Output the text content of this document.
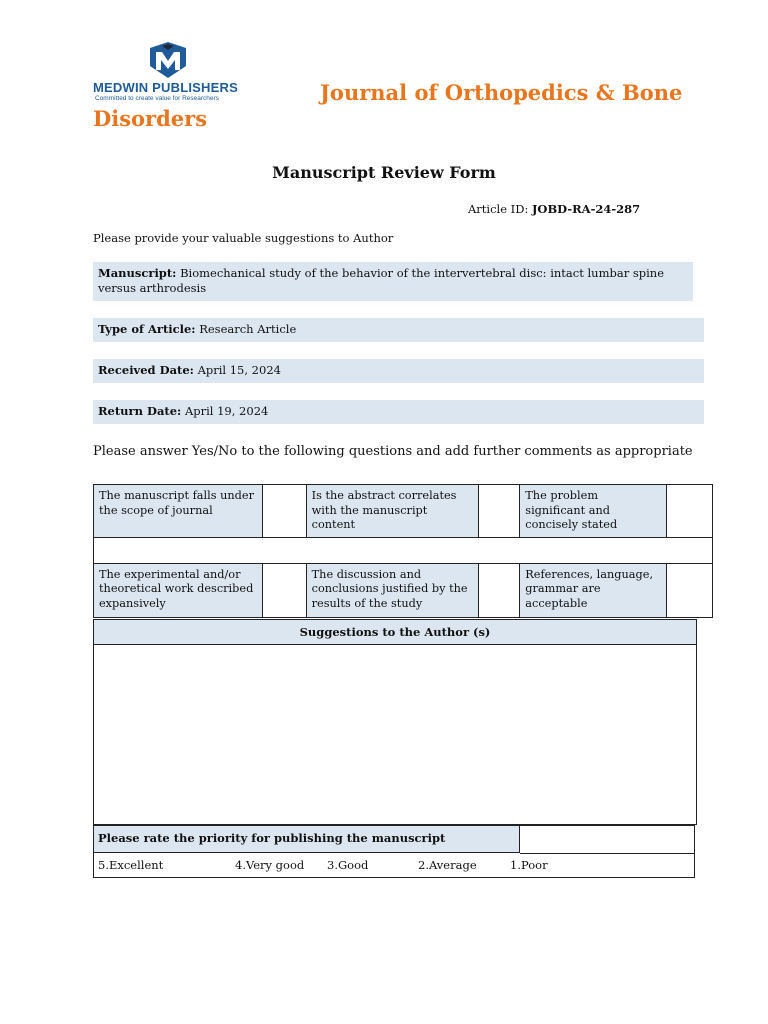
MEDWIN PUBLISHERS
Committed to create value for Researchers	Journal of Orthopedics & Bone
Disorders
Manuscript Review Form
Article ID: JOBD-RA-24-287
Please provide your valuable suggestions to Author
Manuscript: Biomechanical study of the behavior of the intervertebral disc: intact lumbar spine versus arthrodesis
Type of Article: Research Article
Received Date: April 15, 2024
Return Date: April 19, 2024
Please answer Yes/No to the following questions and add further comments as appropriate
The manuscript falls under the scope of journal		Is the abstract correlates with the manuscript content		The problem significant and concisely stated	

The experimental and/or theoretical work described expansively		The discussion and conclusions justified by the results of the study		References, language, grammar are acceptable	
Suggestions to the Author (s)
Please rate the priority for publishing the manuscript
5.Excellent	4.Very good 3.Good	2.Average	1.Poor
